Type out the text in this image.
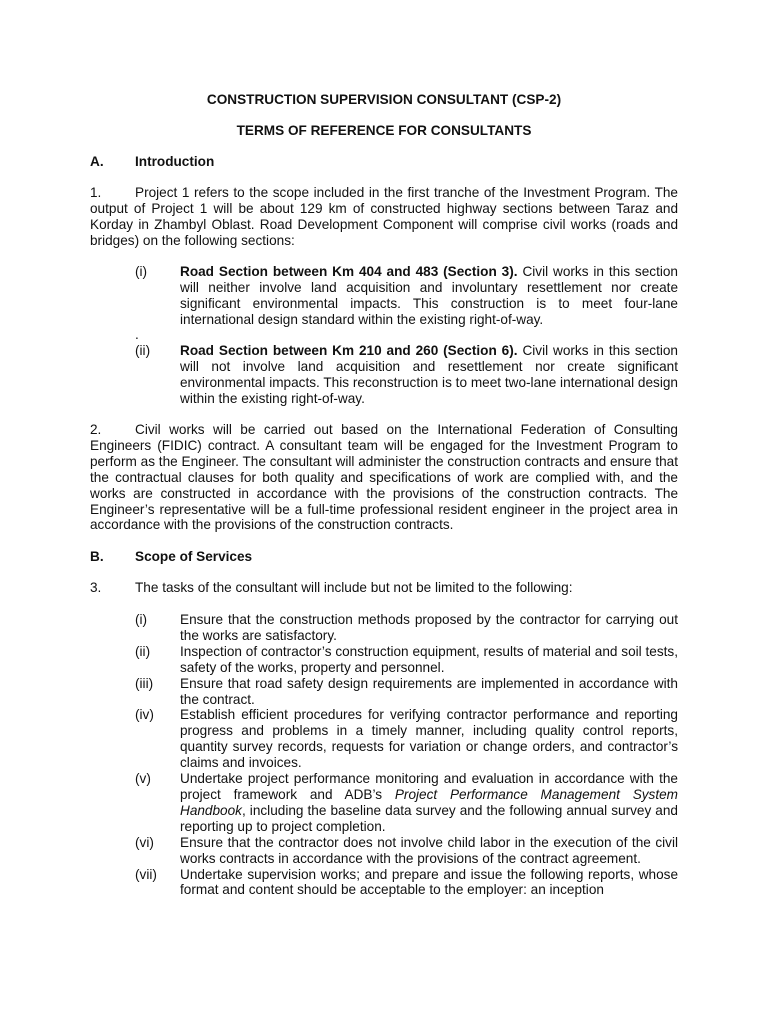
CONSTRUCTION SUPERVISION CONSULTANT (CSP-2)
TERMS OF REFERENCE FOR CONSULTANTS
A. Introduction
1. Project 1 refers to the scope included in the first tranche of the Investment Program. The output of Project 1 will be about 129 km of constructed highway sections between Taraz and Korday in Zhambyl Oblast. Road Development Component will comprise civil works (roads and bridges) on the following sections:
(i)	Road Section between Km 404 and 483 (Section 3). Civil works in this section will neither involve land acquisition and involuntary resettlement nor create significant environmental impacts. This construction is to meet four-lane international design standard within the existing right-of-way.
.
(ii)	Road Section between Km 210 and 260 (Section 6). Civil works in this section will not involve land acquisition and resettlement nor create significant environmental impacts. This reconstruction is to meet two-lane international design within the existing right-of-way.
2. Civil works will be carried out based on the International Federation of Consulting Engineers (FIDIC) contract. A consultant team will be engaged for the Investment Program to perform as the Engineer. The consultant will administer the construction contracts and ensure that the contractual clauses for both quality and specifications of work are complied with, and the works are constructed in accordance with the provisions of the construction contracts. The Engineer’s representative will be a full-time professional resident engineer in the project area in accordance with the provisions of the construction contracts.
B. Scope of Services
3. The tasks of the consultant will include but not be limited to the following:
(i)	Ensure that the construction methods proposed by the contractor for carrying out the works are satisfactory.
(ii)	Inspection of contractor’s construction equipment, results of material and soil tests, safety of the works, property and personnel.
(iii)	Ensure that road safety design requirements are implemented in accordance with the contract.
(iv)	Establish efficient procedures for verifying contractor performance and reporting progress and problems in a timely manner, including quality control reports, quantity survey records, requests for variation or change orders, and contractor’s claims and invoices.
(v)	Undertake project performance monitoring and evaluation in accordance with the project framework and ADB’s Project Performance Management System Handbook, including the baseline data survey and the following annual survey and reporting up to project completion.
(vi)	Ensure that the contractor does not involve child labor in the execution of the civil works contracts in accordance with the provisions of the contract agreement.
(vii)	Undertake supervision works; and prepare and issue the following reports, whose format and content should be acceptable to the employer: an inception
